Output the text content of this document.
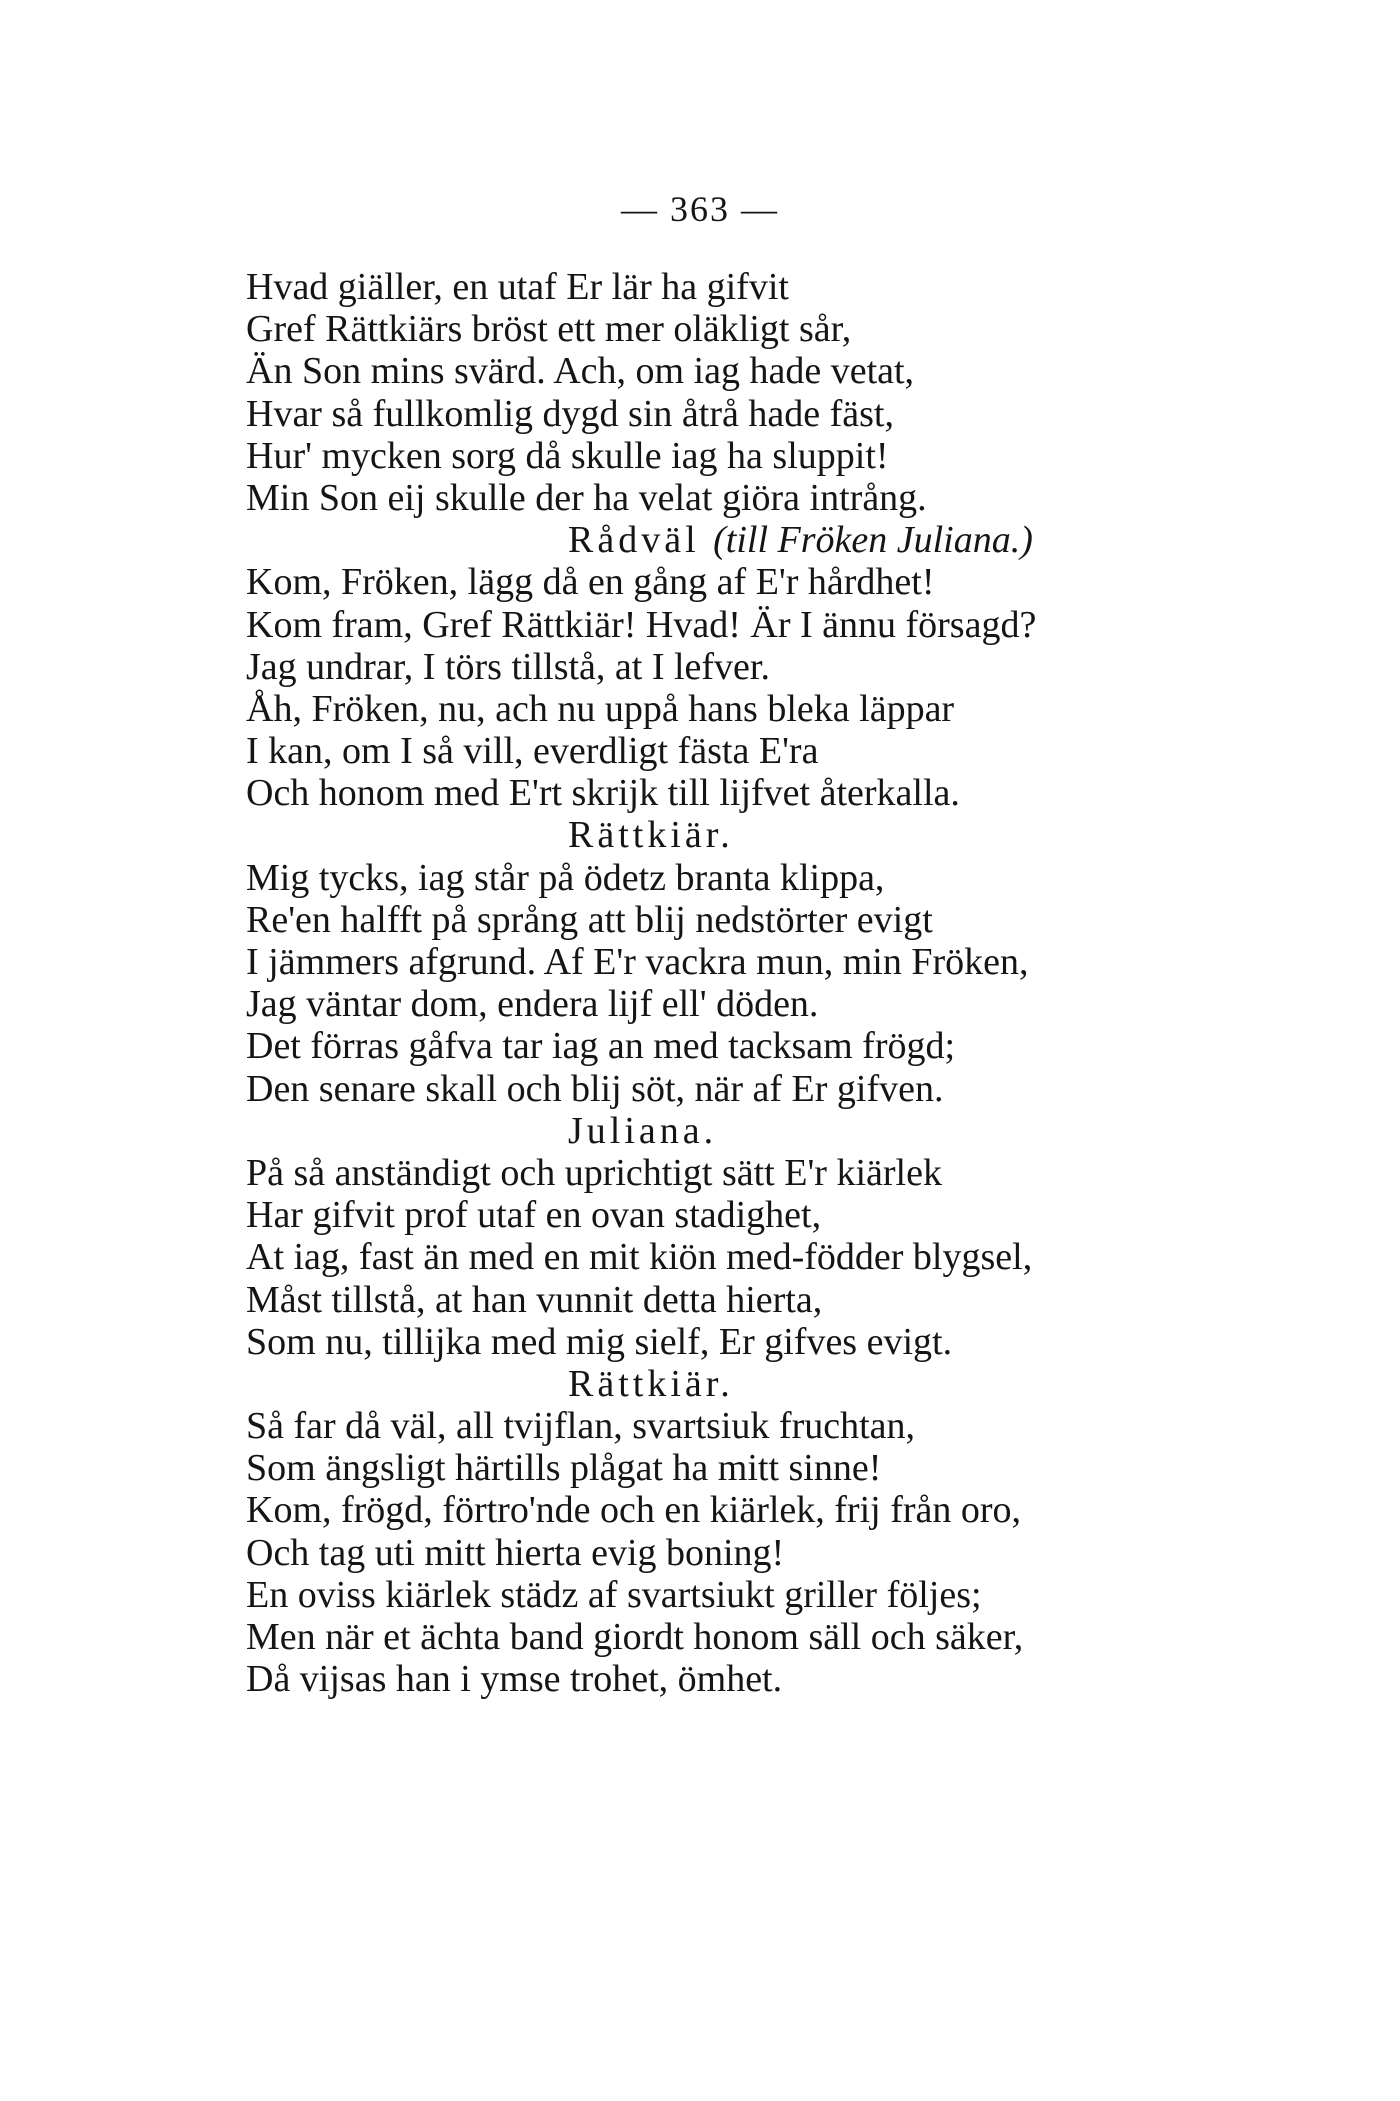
— 363 —
Hvad giäller, en utaf Er lär ha gifvit
Gref Rättkiärs bröst ett mer oläkligt sår,
Än Son mins svärd. Ach, om iag hade vetat,
Hvar så fullkomlig dygd sin åtrå hade fäst,
Hur' mycken sorg då skulle iag ha sluppit!
Min Son eij skulle der ha velat giöra intrång.
Rådväl (till Fröken Juliana.)
Kom, Fröken, lägg då en gång af E'r hårdhet!
Kom fram, Gref Rättkiär! Hvad! Är I ännu försagd?
Jag undrar, I törs tillstå, at I lefver.
Åh, Fröken, nu, ach nu uppå hans bleka läppar
I kan, om I så vill, everdligt fästa E'ra
Och honom med E'rt skrijk till lijfvet återkalla.
Rättkiär.
Mig tycks, iag står på ödetz branta klippa,
Re'en halfft på språng att blij nedstörter evigt
I jämmers afgrund. Af E'r vackra mun, min Fröken,
Jag väntar dom, endera lijf ell' döden.
Det förras gåfva tar iag an med tacksam frögd;
Den senare skall och blij söt, när af Er gifven.
Juliana.
På så anständigt och uprichtigt sätt E'r kiärlek
Har gifvit prof utaf en ovan stadighet,
At iag, fast än med en mit kiön med-födder blygsel,
Måst tillstå, at han vunnit detta hierta,
Som nu, tillijka med mig sielf, Er gifves evigt.
Rättkiär.
Så far då väl, all tvijflan, svartsiuk fruchtan,
Som ängsligt härtills plågat ha mitt sinne!
Kom, frögd, förtro'nde och en kiärlek, frij från oro,
Och tag uti mitt hierta evig boning!
En oviss kiärlek städz af svartsiukt griller följes;
Men när et ächta band giordt honom säll och säker,
Då vijsas han i ymse trohet, ömhet.
